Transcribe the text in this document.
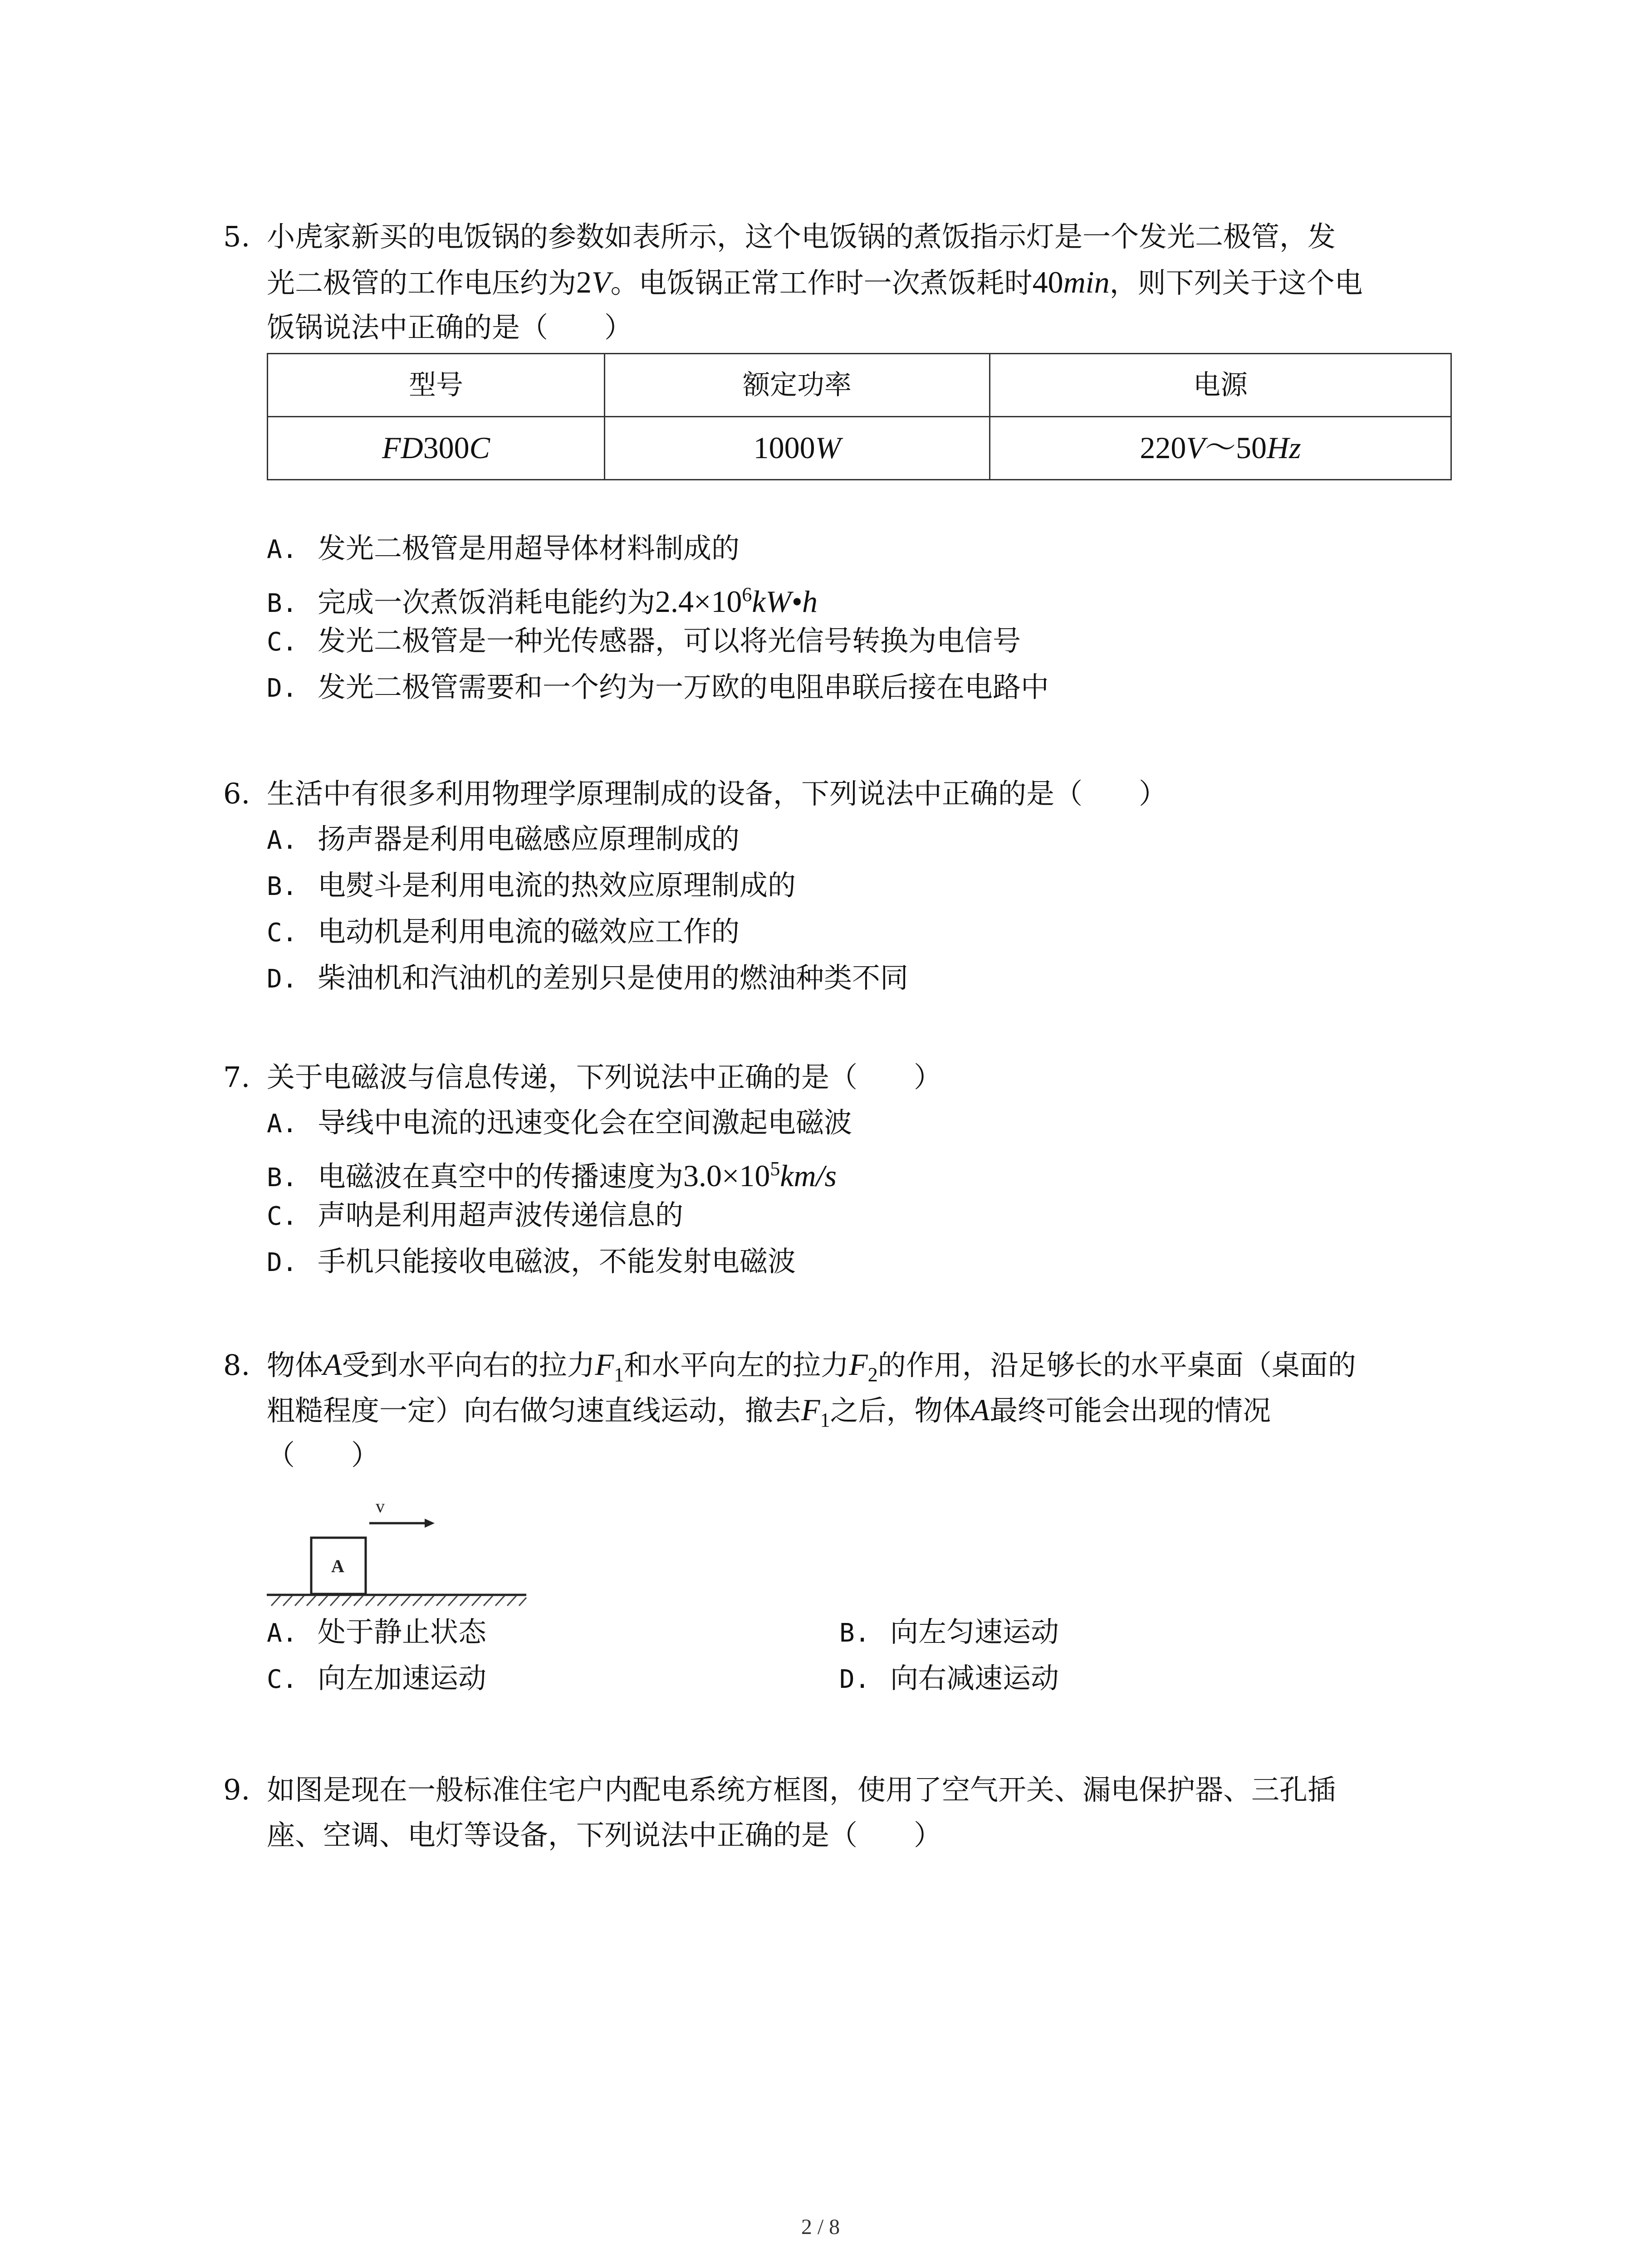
5. 小虎家新买的电饭锅的参数如表所示，这个电饭锅的煮饭指示灯是一个发光二极管，发
光二极管的工作电压约为2V。电饭锅正常工作时一次煮饭耗时40min，则下列关于这个电
饭锅说法中正确的是（　　）
型号	额定功率	电源
FD300C	1000W	220V～50Hz
A. 发光二极管是用超导体材料制成的
B. 完成一次煮饭消耗电能约为$2.4\times 10^6kW•h$
C. 发光二极管是一种光传感器，可以将光信号转换为电信号
D. 发光二极管需要和一个约为一万欧的电阻串联后接在电路中
6. 生活中有很多利用物理学原理制成的设备，下列说法中正确的是（　　）
A. 扬声器是利用电磁感应原理制成的
B. 电熨斗是利用电流的热效应原理制成的
C. 电动机是利用电流的磁效应工作的
D. 柴油机和汽油机的差别只是使用的燃油种类不同
7. 关于电磁波与信息传递，下列说法中正确的是（　　）
A. 导线中电流的迅速变化会在空间激起电磁波
B. 电磁波在真空中的传播速度为$3.0\times 10^5km/s$
C. 声呐是利用超声波传递信息的
D. 手机只能接收电磁波，不能发射电磁波
8. 物体A受到水平向右的拉力$F_1$和水平向左的拉力$F_2$的作用，沿足够长的水平桌面（桌面的
粗糙程度一定）向右做匀速直线运动，撤去$F_1$之后，物体A最终可能会出现的情况
（　　）
v
A
A. 处于静止状态	B. 向左匀速运动
C. 向左加速运动	D. 向右减速运动
9. 如图是现在一般标准住宅户内配电系统方框图，使用了空气开关、漏电保护器、三孔插
座、空调、电灯等设备，下列说法中正确的是（　　）
2 / 8
